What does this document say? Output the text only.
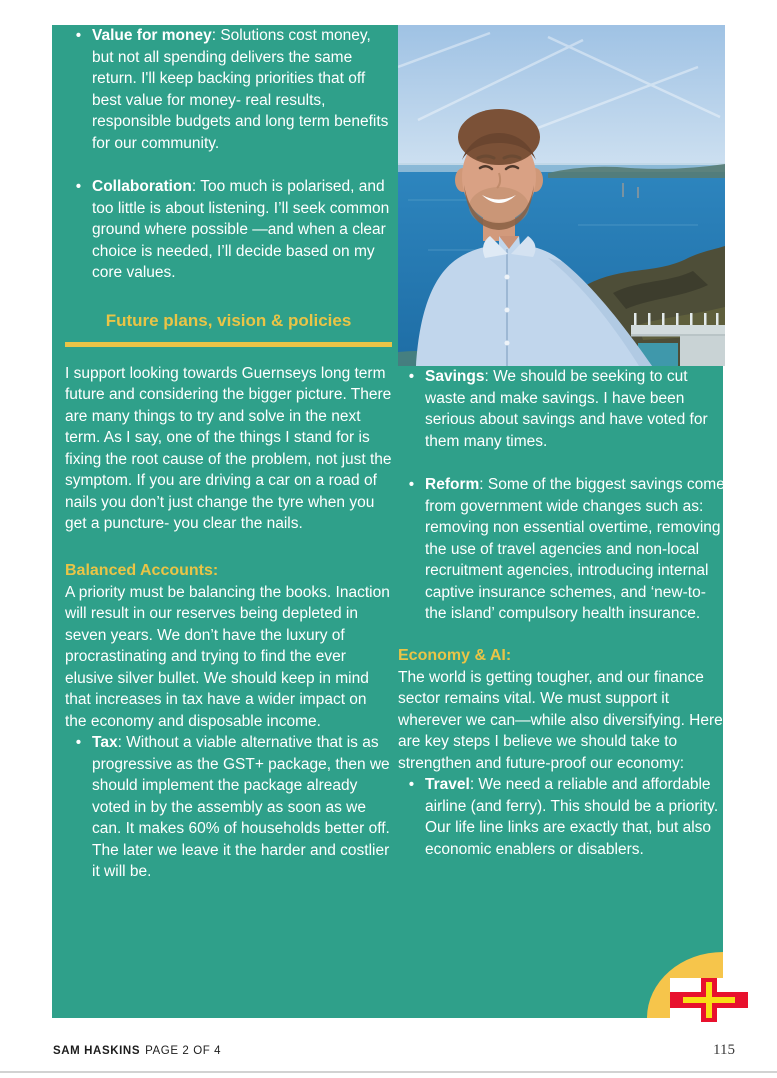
• Value for money: Solutions cost money, but not all spending delivers the same return. I'll keep backing priorities that off best value for money- real results, responsible budgets and long term benefits for our community.
• Collaboration: Too much is polarised, and too little is about listening. I’ll seek common ground where possible —and when a clear choice is needed, I’ll decide based on my core values.
Future plans, vision & policies

I support looking towards Guernseys long term future and considering the bigger picture. There are many things to try and solve in the next term. As I say, one of the things I stand for is fixing the root cause of the problem, not just the symptom. If you are driving a car on a road of nails you don’t just change the tyre when you get a puncture- you clear the nails.

Balanced Accounts:

A priority must be balancing the books. Inaction will result in our reserves being depleted in seven years. We don’t have the luxury of procrastinating and trying to find the ever elusive silver bullet. We should keep in mind that increases in tax have a wider impact on the economy and disposable income.

• Tax: Without a viable alternative that is as progressive as the GST+ package, then we should implement the package already voted in by the assembly as soon as we can. It makes 60% of households better off. The later we leave it the harder and costlier it will be.
• Savings: We should be seeking to cut waste and make savings. I have been serious about savings and have voted for them many times.
• Reform: Some of the biggest savings come from government wide changes such as: removing non essential overtime, removing the use of travel agencies and non-local recruitment agencies, introducing internal captive insurance schemes, and ‘new-to-the island’ compulsory health insurance.
Economy & AI:

The world is getting tougher, and our finance sector remains vital. We must support it wherever we can—while also diversifying. Here are key steps I believe we should take to strengthen and future-proof our economy:

• Travel: We need a reliable and affordable airline (and ferry). This should be a priority. Our life line links are exactly that, but also economic enablers or disablers.
SAM HASKINS PAGE 2 OF 4	115
